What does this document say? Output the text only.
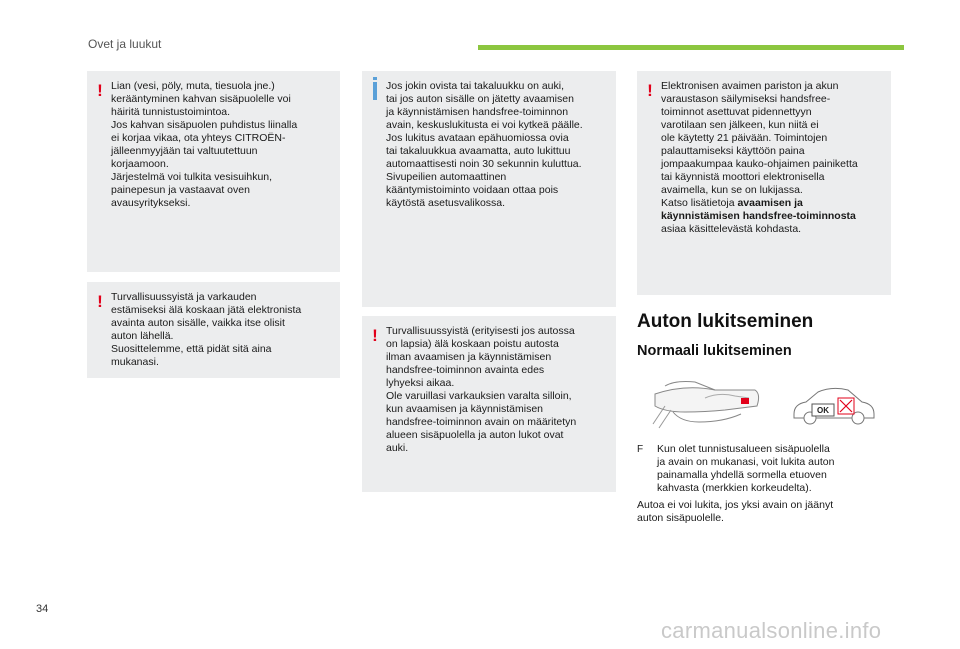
Ovet ja luukut
! Lian (vesi, pöly, muta, tiesuola jne.)
kerääntyminen kahvan sisäpuolelle voi
häiritä tunnistustoimintoa.
Jos kahvan sisäpuolen puhdistus liinalla
ei korjaa vikaa, ota yhteys CITROËN-
jälleenmyyjään tai valtuutettuun
korjaamoon.
Järjestelmä voi tulkita vesisuihkun,
painepesun ja vastaavat oven
avausyritykseksi.

! Turvallisuussyistä ja varkauden
estämiseksi älä koskaan jätä elektronista
avainta auton sisälle, vaikka itse olisit
auton lähellä.
Suosittelemme, että pidät sitä aina
mukanasi.

Jos jokin ovista tai takaluukku on auki,
tai jos auton sisälle on jätetty avaamisen
ja käynnistämisen handsfree-toiminnon
avain, keskuslukitusta ei voi kytkeä päälle.
Jos lukitus avataan epähuomiossa ovia
tai takaluukkua avaamatta, auto lukittuu
automaattisesti noin 30 sekunnin kuluttua.
Sivupeilien automaattinen
kääntymistoiminto voidaan ottaa pois
käytöstä asetusvalikossa.

! Turvallisuussyistä (erityisesti jos autossa
on lapsia) älä koskaan poistu autosta
ilman avaamisen ja käynnistämisen
handsfree-toiminnon avainta edes
lyhyeksi aikaa.
Ole varuillasi varkauksien varalta silloin,
kun avaamisen ja käynnistämisen
handsfree-toiminnon avain on määritetyn
alueen sisäpuolella ja auton lukot ovat
auki.

! Elektronisen avaimen pariston ja akun
varaustason säilymiseksi handsfree-
toiminnot asettuvat pidennettyyn
varotilaan sen jälkeen, kun niitä ei
ole käytetty 21 päivään. Toimintojen
palauttamiseksi käyttöön paina
jompaakumpaa kauko-ohjaimen painiketta
tai käynnistä moottori elektronisella
avaimella, kun se on lukijassa.
Katso lisätietoja avaamisen ja
käynnistämisen handsfree-toiminnosta
asiaa käsittelevästä kohdasta.

Auton lukitseminen
Normaali lukitseminen
OK
F	Kun olet tunnistusalueen sisäpuolella
ja avain on mukanasi, voit lukita auton
painamalla yhdellä sormella etuoven
kahvasta (merkkien korkeudelta).
Autoa ei voi lukita, jos yksi avain on jäänyt
auton sisäpuolelle.
34
carmanualsonline.info
